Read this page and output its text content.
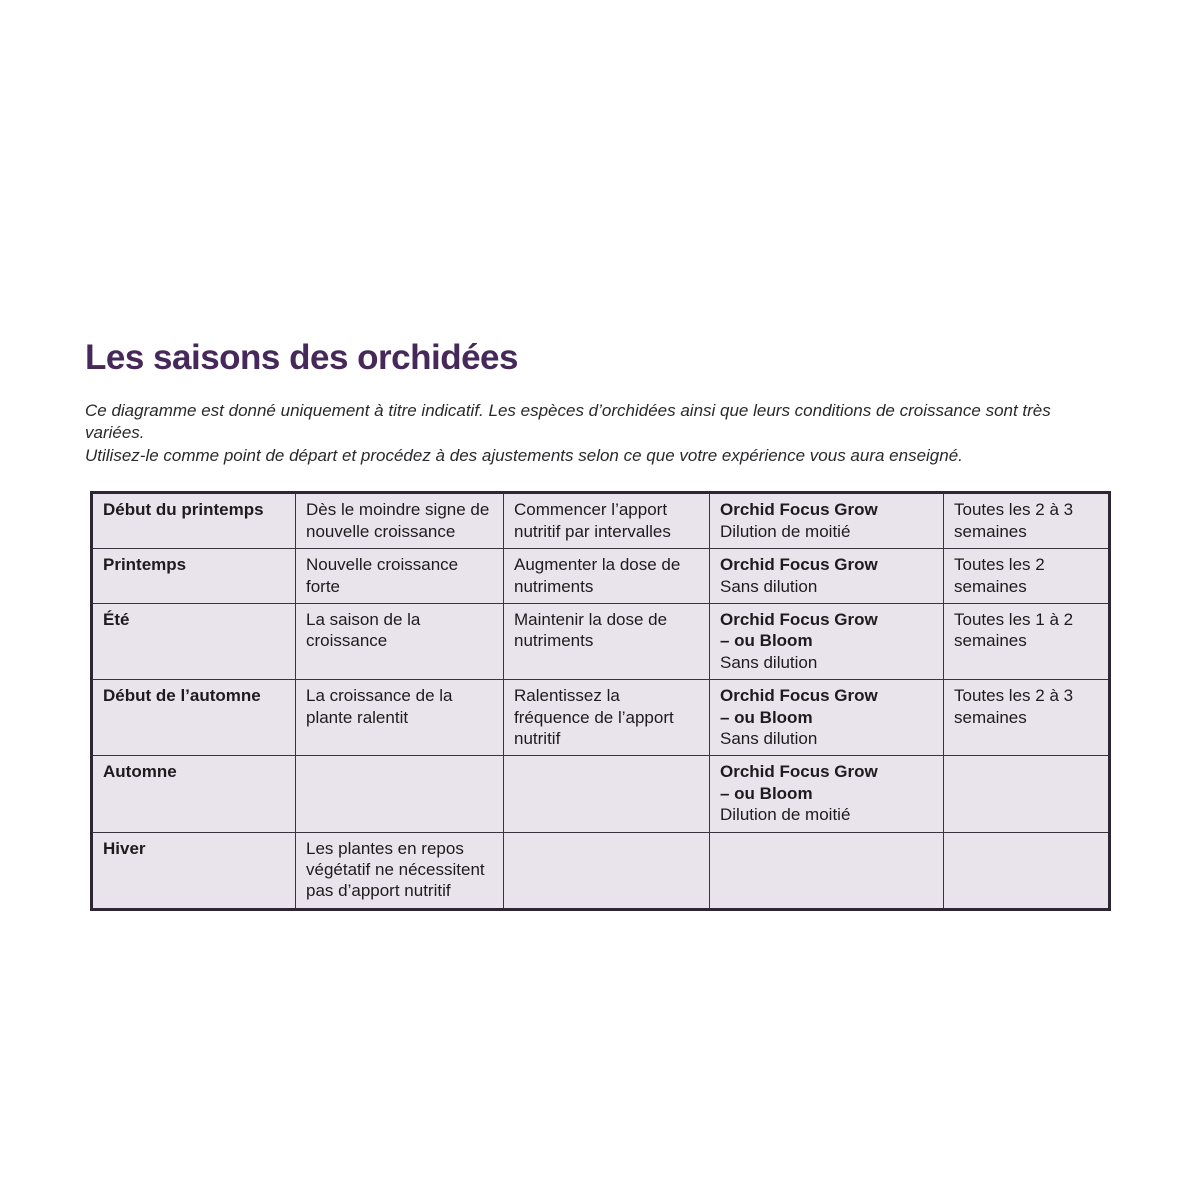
Les saisons des orchidées
Ce diagramme est donné uniquement à titre indicatif. Les espèces d’orchidées ainsi que leurs conditions de croissance sont très variées.
Utilisez-le comme point de départ et procédez à des ajustements selon ce que votre expérience vous aura enseigné.
Début du printemps	Dès le moindre signe de nouvelle croissance	Commencer l’apport nutritif par intervalles	Orchid Focus Grow
Dilution de moitié	Toutes les 2 à 3 semaines
Printemps	Nouvelle croissance forte	Augmenter la dose de nutriments	Orchid Focus Grow
Sans dilution	Toutes les 2 semaines
Été	La saison de la croissance	Maintenir la dose de nutriments	Orchid Focus Grow
– ou Bloom
Sans dilution	Toutes les 1 à 2 semaines
Début de l’automne	La croissance de la plante ralentit	Ralentissez la fréquence de l’apport nutritif	Orchid Focus Grow
– ou Bloom
Sans dilution	Toutes les 2 à 3 semaines
Automne			Orchid Focus Grow
– ou Bloom
Dilution de moitié	

Hiver	Les plantes en repos végétatif ne nécessitent pas d’apport nutritif		
